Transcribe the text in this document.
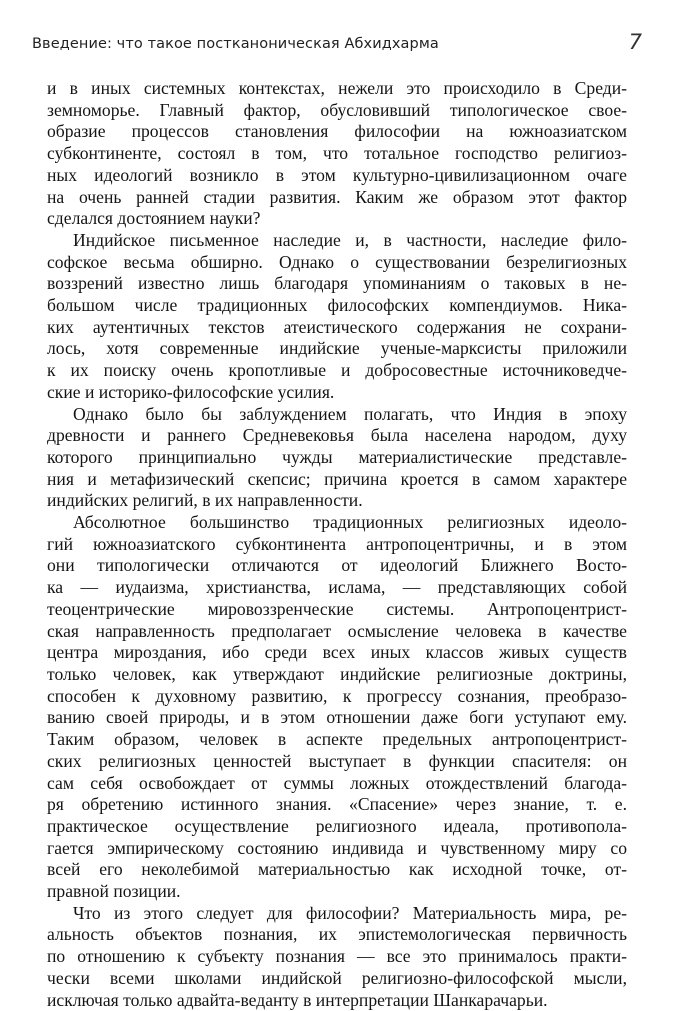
Введение: что такое постканоническая Абхидхарма	7
и в иных системных контекстах, нежели это происходило в Среди-
земноморье. Главный фактор, обусловивший типологическое свое-
образие процессов становления философии на южноазиатском
субконтиненте, состоял в том, что тотальное господство религиоз-
ных идеологий возникло в этом культурно-цивилизационном очаге
на очень ранней стадии развития. Каким же образом этот фактор
сделался достоянием науки?
Индийское письменное наследие и, в частности, наследие фило-
софское весьма обширно. Однако о существовании безрелигиозных
воззрений известно лишь благодаря упоминаниям о таковых в не-
большом числе традиционных философских компендиумов. Ника-
ких аутентичных текстов атеистического содержания не сохрани-
лось, хотя современные индийские ученые-марксисты приложили
к их поиску очень кропотливые и добросовестные источниковедче-
ские и историко-философские усилия.
Однако было бы заблуждением полагать, что Индия в эпоху
древности и раннего Средневековья была населена народом, духу
которого принципиально чужды материалистические представле-
ния и метафизический скепсис; причина кроется в самом характере
индийских религий, в их направленности.
Абсолютное большинство традиционных религиозных идеоло-
гий южноазиатского субконтинента антропоцентричны, и в этом
они типологически отличаются от идеологий Ближнего Восто-
ка — иудаизма, христианства, ислама, — представляющих собой
теоцентрические мировоззренческие системы. Антропоцентрист-
ская направленность предполагает осмысление человека в качестве
центра мироздания, ибо среди всех иных классов живых существ
только человек, как утверждают индийские религиозные доктрины,
способен к духовному развитию, к прогрессу сознания, преобразо-
ванию своей природы, и в этом отношении даже боги уступают ему.
Таким образом, человек в аспекте предельных антропоцентрист-
ских религиозных ценностей выступает в функции спасителя: он
сам себя освобождает от суммы ложных отождествлений благода-
ря обретению истинного знания. «Спасение» через знание, т. е.
практическое осуществление религиозного идеала, противопола-
гается эмпирическому состоянию индивида и чувственному миру со
всей его неколебимой материальностью как исходной точке, от-
правной позиции.
Что из этого следует для философии? Материальность мира, ре-
альность объектов познания, их эпистемологическая первичность
по отношению к субъекту познания — все это принималось практи-
чески всеми школами индийской религиозно-философской мысли,
исключая только адвайта-веданту в интерпретации Шанкарачарьи.
